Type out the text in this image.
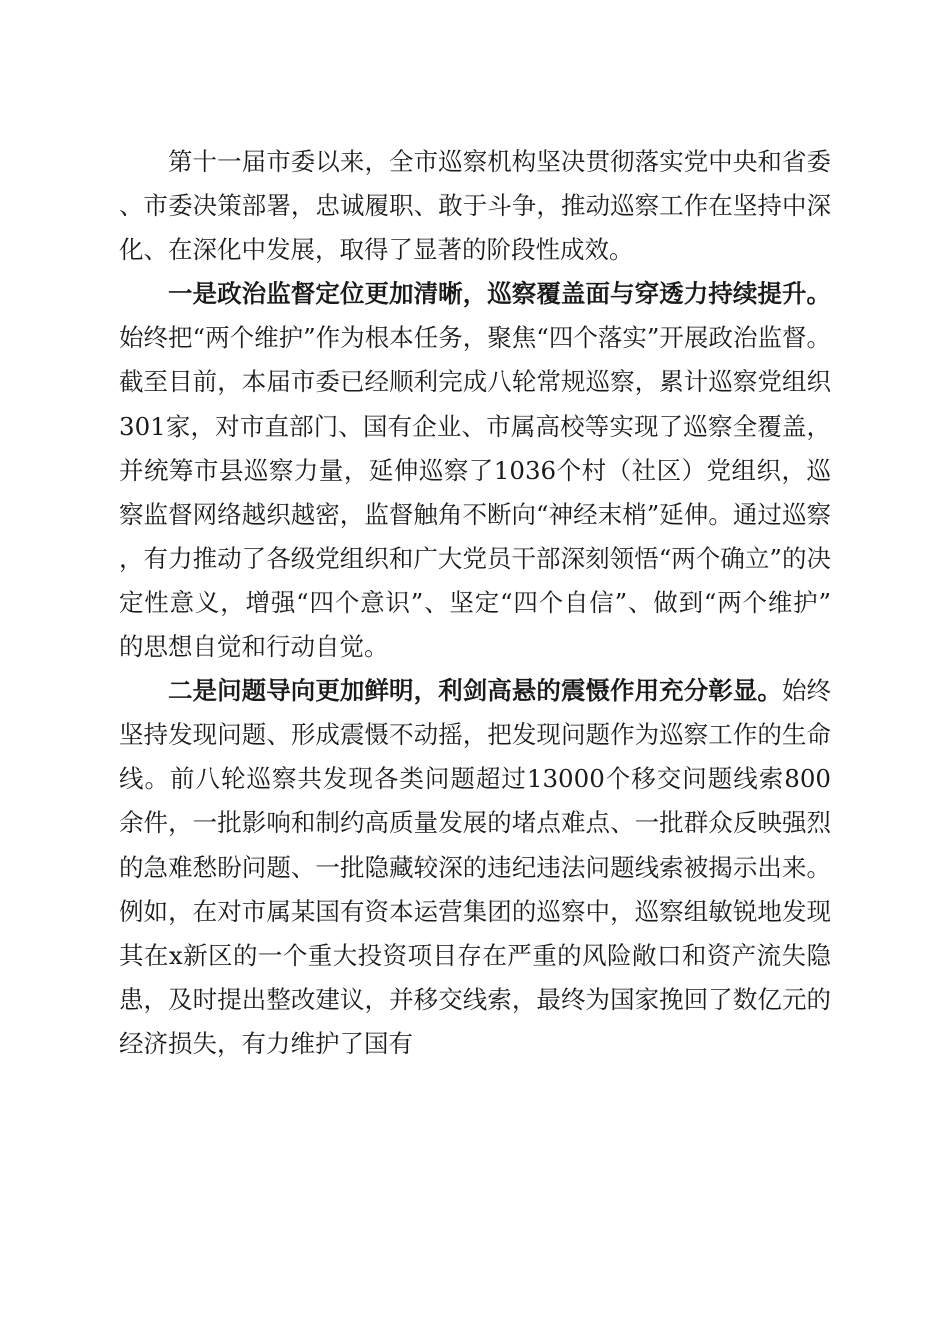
第十一届市委以来，全市巡察机构坚决贯彻落实党中央和省委、市委决策部署，忠诚履职、敢于斗争，推动巡察工作在坚持中深化、在深化中发展，取得了显著的阶段性成效。

一是政治监督定位更加清晰，巡察覆盖面与穿透力持续提升。始终把“两个维护”作为根本任务，聚焦“四个落实”开展政治监督。截至目前，本届市委已经顺利完成八轮常规巡察，累计巡察党组织301家，对市直部门、国有企业、市属高校等实现了巡察全覆盖，并统筹市县巡察力量，延伸巡察了1036个村（社区）党组织，巡察监督网络越织越密，监督触角不断向“神经末梢”延伸。通过巡察，有力推动了各级党组织和广大党员干部深刻领悟“两个确立”的决定性意义，增强“四个意识”、坚定“四个自信”、做到“两个维护”的思想自觉和行动自觉。

二是问题导向更加鲜明，利剑高悬的震慑作用充分彰显。始终坚持发现问题、形成震慑不动摇，把发现问题作为巡察工作的生命线。前八轮巡察共发现各类问题超过13000个移交问题线索800余件，一批影响和制约高质量发展的堵点难点、一批群众反映强烈的急难愁盼问题、一批隐藏较深的违纪违法问题线索被揭示出来。例如，在对市属某国有资本运营集团的巡察中，巡察组敏锐地发现其在x新区的一个重大投资项目存在严重的风险敞口和资产流失隐患，及时提出整改建议，并移交线索，最终为国家挽回了数亿元的经济损失，有力维护了国有
